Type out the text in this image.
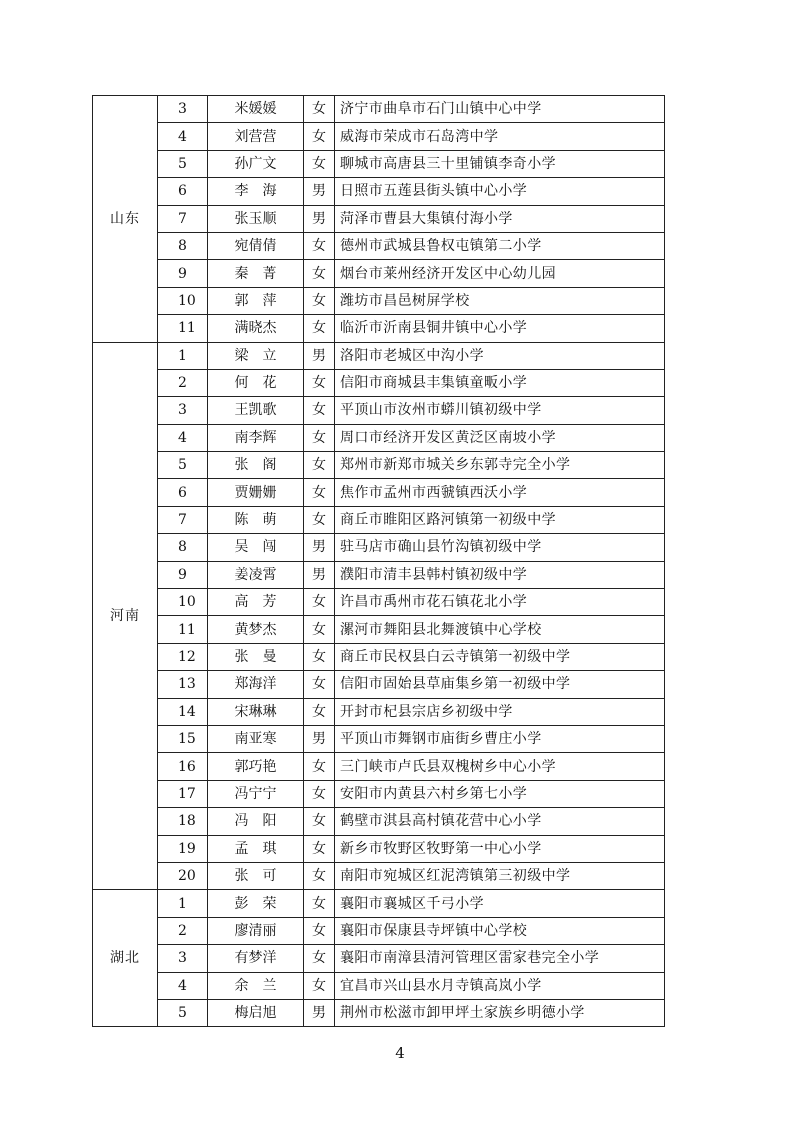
山东	3	米媛媛	女	济宁市曲阜市石门山镇中心中学
	4	刘营营	女	威海市荣成市石岛湾中学
	5	孙广文	女	聊城市高唐县三十里铺镇李奇小学
	6	李　海	男	日照市五莲县街头镇中心小学
	7	张玉顺	男	菏泽市曹县大集镇付海小学
	8	宛倩倩	女	德州市武城县鲁权屯镇第二小学
	9	秦　菁	女	烟台市莱州经济开发区中心幼儿园
	10	郭　萍	女	潍坊市昌邑树屏学校
	11	满晓杰	女	临沂市沂南县铜井镇中心小学
河南	1	梁　立	男	洛阳市老城区中沟小学
	2	何　花	女	信阳市商城县丰集镇童畈小学
	3	王凯歌	女	平顶山市汝州市蟒川镇初级中学
	4	南李辉	女	周口市经济开发区黄泛区南坡小学
	5	张　阁	女	郑州市新郑市城关乡东郭寺完全小学
	6	贾姗姗	女	焦作市孟州市西虢镇西沃小学
	7	陈　萌	女	商丘市睢阳区路河镇第一初级中学
	8	吴　闯	男	驻马店市确山县竹沟镇初级中学
	9	姜凌霄	男	濮阳市清丰县韩村镇初级中学
	10	高　芳	女	许昌市禹州市花石镇花北小学
	11	黄梦杰	女	漯河市舞阳县北舞渡镇中心学校
	12	张　曼	女	商丘市民权县白云寺镇第一初级中学
	13	郑海洋	女	信阳市固始县草庙集乡第一初级中学
	14	宋琳琳	女	开封市杞县宗店乡初级中学
	15	南亚寒	男	平顶山市舞钢市庙街乡曹庄小学
	16	郭巧艳	女	三门峡市卢氏县双槐树乡中心小学
	17	冯宁宁	女	安阳市内黄县六村乡第七小学
	18	冯　阳	女	鹤壁市淇县高村镇花营中心小学
	19	孟　琪	女	新乡市牧野区牧野第一中心小学
	20	张　可	女	南阳市宛城区红泥湾镇第三初级中学
湖北	1	彭　荣	女	襄阳市襄城区千弓小学
	2	廖清丽	女	襄阳市保康县寺坪镇中心学校
	3	有梦洋	女	襄阳市南漳县清河管理区雷家巷完全小学
	4	余　兰	女	宜昌市兴山县水月寺镇高岚小学
	5	梅启旭	男	荆州市松滋市卸甲坪土家族乡明德小学
4
